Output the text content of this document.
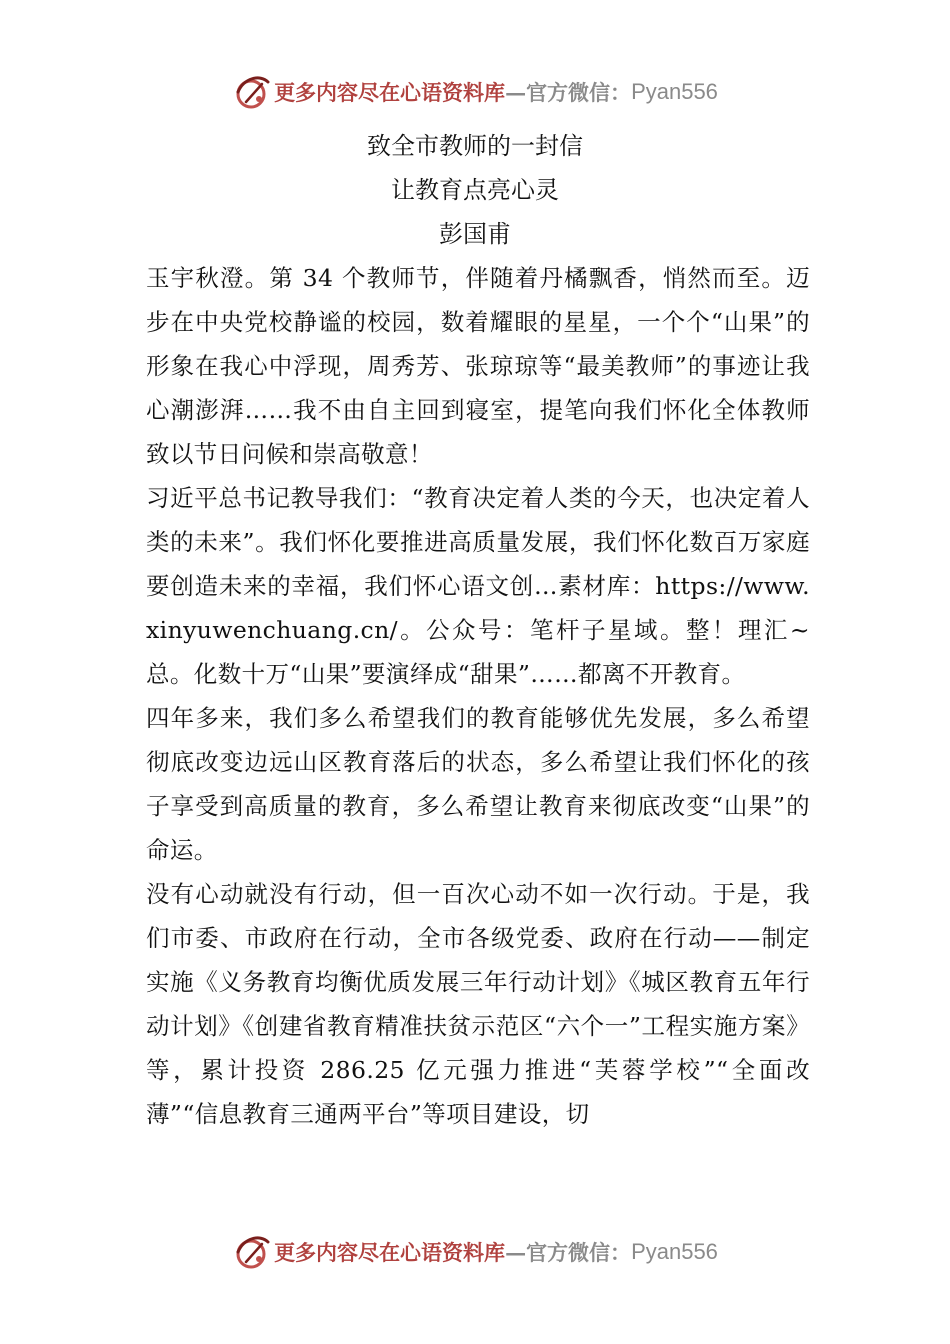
更多内容尽在心语资料库 — 官方微信： Pyan556
致全市教师的一封信
让教育点亮心灵
彭国甫

玉宇秋澄。第 34 个教师节，伴随着丹橘飘香，悄然而至。迈步在中央党校静谧的校园，数着耀眼的星星，一个个“山果”的形象在我心中浮现，周秀芳、张琼琼等“最美教师”的事迹让我心潮澎湃……我不由自主回到寝室，提笔向我们怀化全体教师致以节日问候和崇高敬意！

习近平总书记教导我们：“教育决定着人类的今天，也决定着人类的未来”。我们怀化要推进高质量发展，我们怀化数百万家庭要创造未来的幸福，我们怀心语文创…素材库：https://www.xinyuwenchuang.cn/。公众号：笔杆子星域。整！理汇~总。化数十万“山果”要演绎成“甜果”……都离不开教育。

四年多来，我们多么希望我们的教育能够优先发展，多么希望彻底改变边远山区教育落后的状态，多么希望让我们怀化的孩子享受到高质量的教育，多么希望让教育来彻底改变“山果”的命运。

没有心动就没有行动，但一百次心动不如一次行动。于是，我们市委、市政府在行动，全市各级党委、政府在行动——制定实施《义务教育均衡优质发展三年行动计划》《城区教育五年行动计划》《创建省教育精准扶贫示范区“六个一”工程实施方案》等，累计投资 286.25 亿元强力推进“芙蓉学校”“全面改薄”“信息教育三通两平台”等项目建设，切

更多内容尽在心语资料库 — 官方微信： Pyan556
